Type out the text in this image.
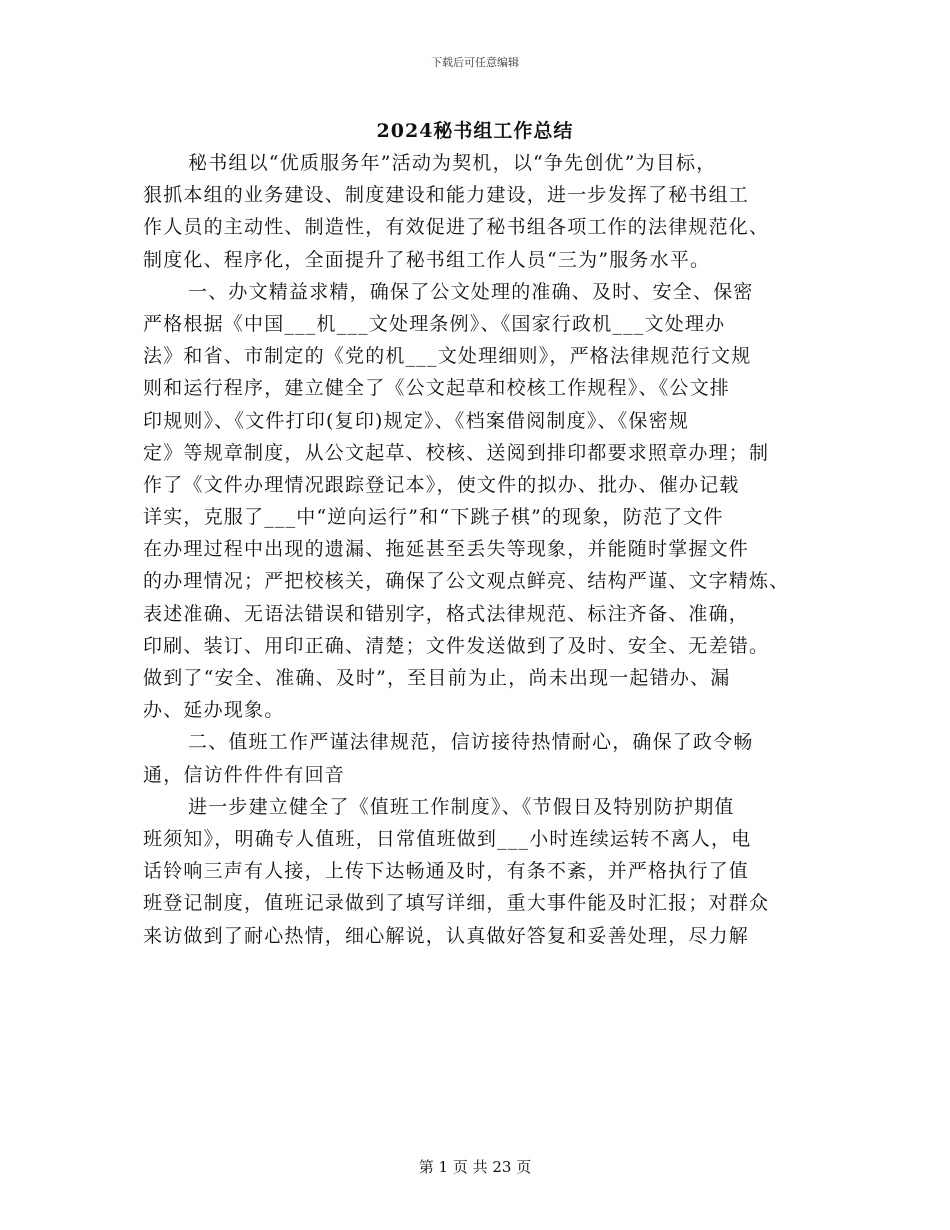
下载后可任意编辑
2024秘书组工作总结
秘书组以“优质服务年”活动为契机，以“争先创优”为目标，
狠抓本组的业务建设、制度建设和能力建设，进一步发挥了秘书组工
作人员的主动性、制造性，有效促进了秘书组各项工作的法律规范化、
制度化、程序化，全面提升了秘书组工作人员“三为”服务水平。
一、办文精益求精，确保了公文处理的准确、及时、安全、保密
严格根据《中国___机___文处理条例》、《国家行政机___文处理办
法》和省、市制定的《党的机___文处理细则》，严格法律规范行文规
则和运行程序，建立健全了《公文起草和校核工作规程》、《公文排
印规则》、《文件打印(复印)规定》、《档案借阅制度》、《保密规
定》等规章制度，从公文起草、校核、送阅到排印都要求照章办理；制
作了《文件办理情况跟踪登记本》，使文件的拟办、批办、催办记载
详实，克服了___中“逆向运行”和“下跳子棋”的现象，防范了文件
在办理过程中出现的遗漏、拖延甚至丢失等现象，并能随时掌握文件
的办理情况；严把校核关，确保了公文观点鲜亮、结构严谨、文字精炼、
表述准确、无语法错误和错别字，格式法律规范、标注齐备、准确，
印刷、装订、用印正确、清楚；文件发送做到了及时、安全、无差错。
做到了“安全、准确、及时”，至目前为止，尚未出现一起错办、漏
办、延办现象。
二、值班工作严谨法律规范，信访接待热情耐心，确保了政令畅
通，信访件件件有回音
进一步建立健全了《值班工作制度》、《节假日及特别防护期值
班须知》，明确专人值班，日常值班做到___小时连续运转不离人，电
话铃响三声有人接，上传下达畅通及时，有条不紊，并严格执行了值
班登记制度，值班记录做到了填写详细，重大事件能及时汇报；对群众
来访做到了耐心热情，细心解说，认真做好答复和妥善处理，尽力解
第 1 页 共 23 页
